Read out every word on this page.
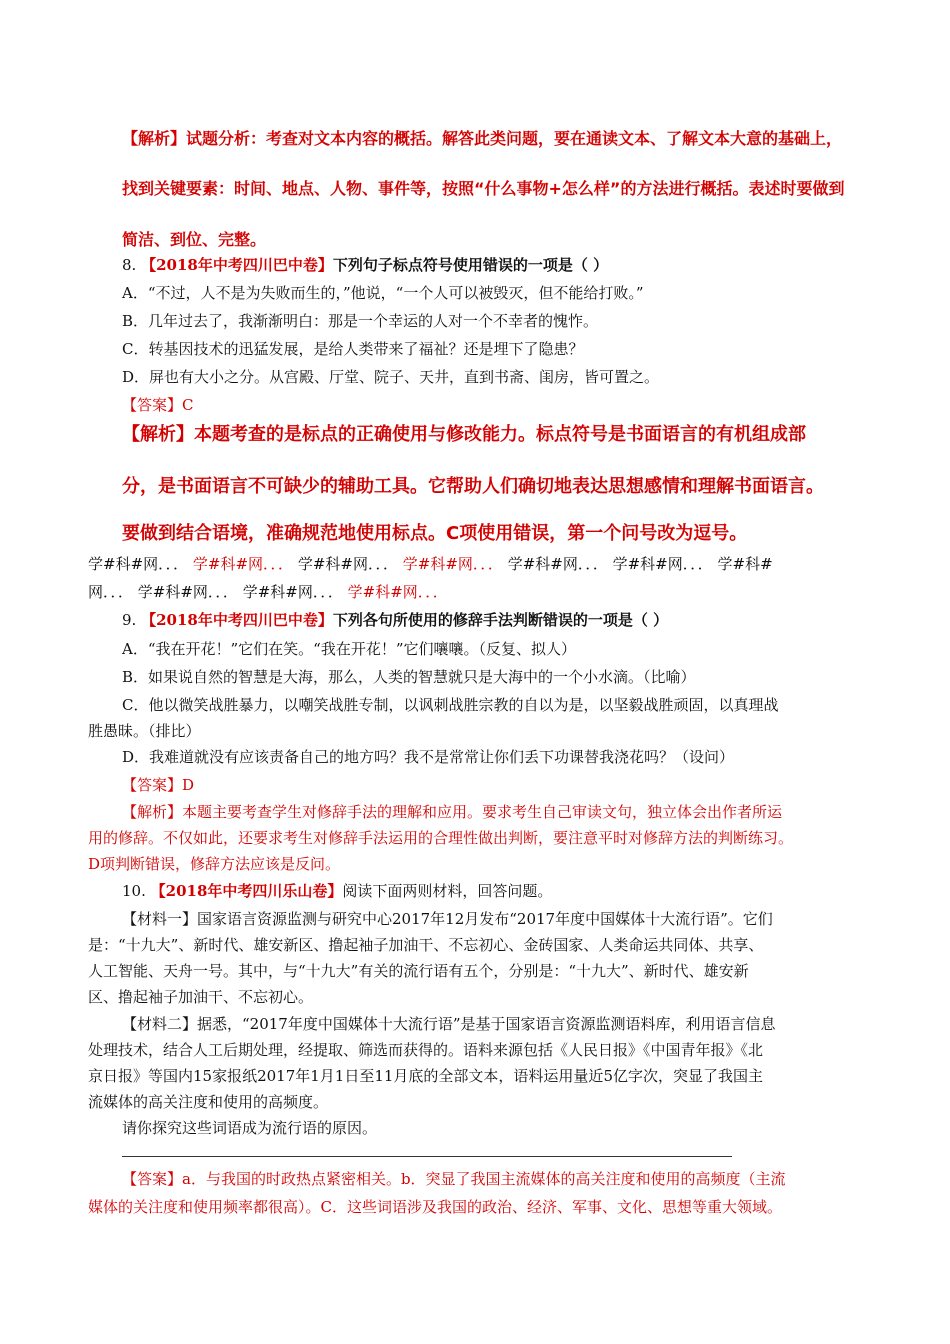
【解析】试题分析：考查对文本内容的概括。解答此类问题，要在通读文本、了解文本大意的基础上，
找到关键要素：时间、地点、人物、事件等，按照“什么事物+怎么样”的方法进行概括。表述时要做到
简洁、到位、完整。
8. 【2018年中考四川巴中卷】下列句子标点符号使用错误的一项是（ ）
A．“不过，人不是为失败而生的，”他说，“一个人可以被毁灭，但不能给打败。”
B．几年过去了，我渐渐明白：那是一个幸运的人对一个不幸者的愧怍。
C．转基因技术的迅猛发展，是给人类带来了福祉？还是埋下了隐患？
D．屏也有大小之分。从宫殿、厅堂、院子、天井，直到书斋、闺房，皆可置之。
【答案】C
【解析】本题考查的是标点的正确使用与修改能力。标点符号是书面语言的有机组成部
分，是书面语言不可缺少的辅助工具。它帮助人们确切地表达思想感情和理解书面语言。
要做到结合语境，准确规范地使用标点。C项使用错误，第一个问号改为逗号。
学#科#网．．． 学#科#网．．． 学#科#网．．． 学#科#网．．． 学#科#网．．． 学#科#网．．． 学#科#
网．．． 学#科#网．．． 学#科#网．．． 学#科#网．．．
9. 【2018年中考四川巴中卷】下列各句所使用的修辞手法判断错误的一项是（ ）
A．“我在开花！”它们在笑。“我在开花！”它们嚷嚷。（反复、拟人）
B．如果说自然的智慧是大海，那么，人类的智慧就只是大海中的一个小水滴。（比喻）
C．他以微笑战胜暴力，以嘲笑战胜专制，以讽刺战胜宗教的自以为是，以坚毅战胜顽固，以真理战
胜愚昧。（排比）
D．我难道就没有应该责备自己的地方吗？我不是常常让你们丢下功课替我浇花吗？（设问）
【答案】D
【解析】本题主要考查学生对修辞手法的理解和应用。要求考生自己审读文句，独立体会出作者所运
用的修辞。不仅如此，还要求考生对修辞手法运用的合理性做出判断，要注意平时对修辞方法的判断练习。
D项判断错误，修辞方法应该是反问。
10. 【2018年中考四川乐山卷】阅读下面两则材料，回答问题。
【材料一】国家语言资源监测与研究中心2017年12月发布“2017年度中国媒体十大流行语”。它们
是：“十九大”、新时代、雄安新区、撸起袖子加油干、不忘初心、金砖国家、人类命运共同体、共享、
人工智能、天舟一号。其中，与“十九大”有关的流行语有五个，分别是：“十九大”、新时代、雄安新
区、撸起袖子加油干、不忘初心。
【材料二】据悉，“2017年度中国媒体十大流行语”是基于国家语言资源监测语料库，利用语言信息
处理技术，结合人工后期处理，经提取、筛选而获得的。语料来源包括《人民日报》《中国青年报》《北
京日报》等国内15家报纸2017年1月1日至11月底的全部文本，语料运用量近5亿字次，突显了我国主
流媒体的高关注度和使用的高频度。
请你探究这些词语成为流行语的原因。
【答案】a．与我国的时政热点紧密相关。b．突显了我国主流媒体的高关注度和使用的高频度（主流
媒体的关注度和使用频率都很高）。C．这些词语涉及我国的政治、经济、军事、文化、思想等重大领域。
